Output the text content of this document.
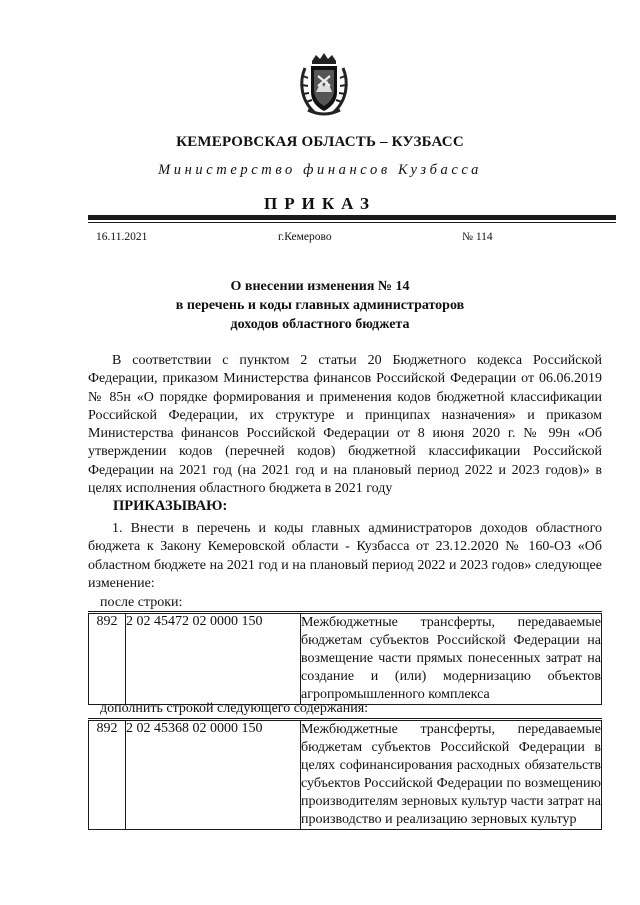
КЕМЕРОВСКАЯ ОБЛАСТЬ – КУЗБАСС
Министерство финансов Кузбасса
ПРИКАЗ
16.11.2021	г.Кемерово	№ 114
О внесении изменения № 14
в перечень и коды главных администраторов
доходов областного бюджета
В соответствии с пунктом 2 статьи 20 Бюджетного кодекса Российской Федерации, приказом Министерства финансов Российской Федерации от 06.06.2019 № 85н «О порядке формирования и применения кодов бюджетной классификации Российской Федерации, их структуре и принципах назначения» и приказом Министерства финансов Российской Федерации от 8 июня 2020 г. № 99н «Об утверждении кодов (перечней кодов) бюджетной классификации Российской Федерации на 2021 год (на 2021 год и на плановый период 2022 и 2023 годов)» в целях исполнения областного бюджета в 2021 году
ПРИКАЗЫВАЮ:
1. Внести в перечень и коды главных администраторов доходов областного бюджета к Закону Кемеровской области - Кузбасса от 23.12.2020 № 160-ОЗ «Об областном бюджете на 2021 год и на плановый период 2022 и 2023 годов» следующее изменение:
после строки:
892	2 02 45472 02 0000 150	Межбюджетные трансферты, передаваемые бюджетам субъектов Российской Федерации на возмещение части прямых понесенных затрат на создание и (или) модернизацию объектов агропромышленного комплекса
дополнить строкой следующего содержания:
892	2 02 45368 02 0000 150	Межбюджетные трансферты, передаваемые бюджетам субъектов Российской Федерации в целях софинансирования расходных обязательств субъектов Российской Федерации по возмещению производителям зерновых культур части затрат на производство и реализацию зерновых культур
